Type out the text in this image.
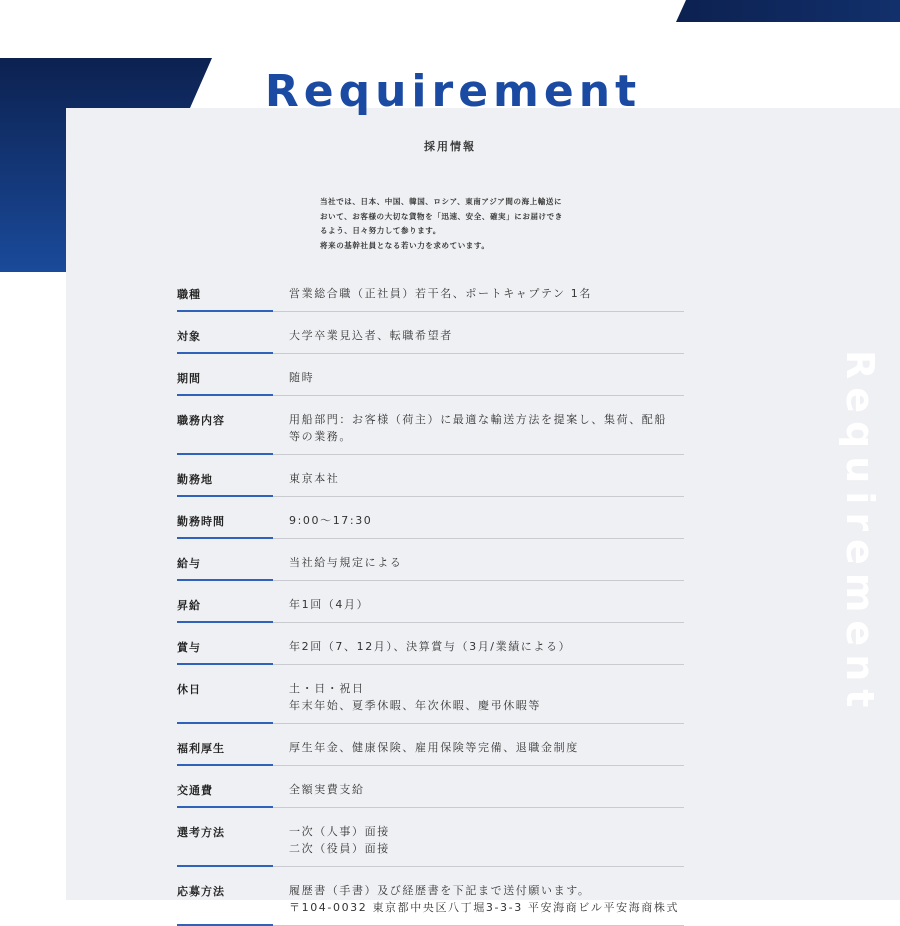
Requirement
採用情報
当社では、日本、中国、韓国、ロシア、東南アジア間の海上輸送に
おいて、お客様の大切な貨物を「迅速、安全、確実」にお届けでき
るよう、日々努力して参ります。
将来の基幹社員となる若い力を求めています。
Requirement
職種	営業総合職（正社員）若干名、ポートキャプテン 1名
対象	大学卒業見込者、転職希望者
期間	随時
職務内容	用船部門：お客様（荷主）に最適な輸送方法を提案し、集荷、配船
等の業務。
勤務地	東京本社
勤務時間	9:00〜17:30
給与	当社給与規定による
昇給	年1回（4月）
賞与	年2回（7、12月）、決算賞与（3月/業績による）
休日	土・日・祝日
年末年始、夏季休暇、年次休暇、慶弔休暇等
福利厚生	厚生年金、健康保険、雇用保険等完備、退職金制度
交通費	全額実費支給
選考方法	一次（人事）面接
二次（役員）面接
応募方法	履歴書（手書）及び経歴書を下記まで送付願います。
〒104-0032 東京都中央区八丁堀3-3-3 平安海商ビル平安海商株式
